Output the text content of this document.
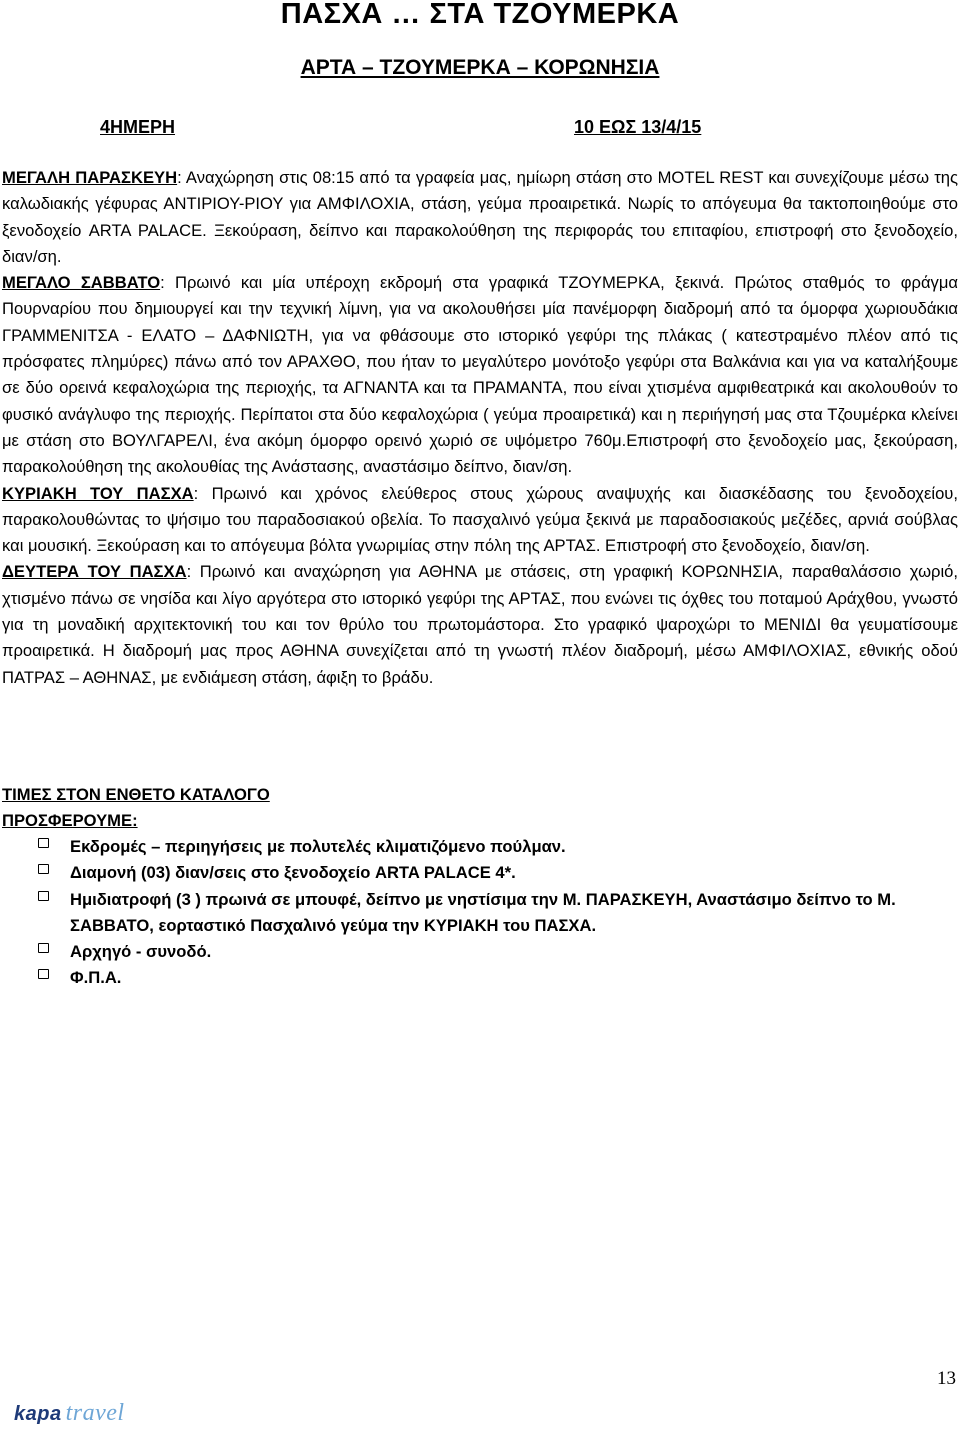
ΠΑΣΧΑ … ΣΤΑ ΤΖΟΥΜΕΡΚΑ
ΑΡΤΑ – ΤΖΟΥΜΕΡΚΑ – ΚΟΡΩΝΗΣΙΑ
4ΗΜΕΡΗ	10 ΕΩΣ 13/4/15

ΜΕΓΑΛΗ ΠΑΡΑΣΚΕΥΗ: Αναχώρηση στις 08:15 από τα γραφεία μας, ημίωρη στάση στο MOTEL REST και συνεχίζουμε μέσω της καλωδιακής γέφυρας ΑΝΤΙΡΙΟΥ-ΡΙΟΥ για ΑΜΦΙΛΟΧΙΑ, στάση, γεύμα προαιρετικά. Νωρίς το απόγευμα θα τακτοποιηθούμε στο ξενοδοχείο ARTA PALACE. Ξεκούραση, δείπνο και παρακολούθηση της περιφοράς του επιταφίου, επιστροφή στο ξενοδοχείο, διαν/ση.

ΜΕΓΑΛΟ ΣΑΒΒΑΤΟ: Πρωινό και μία υπέροχη εκδρομή στα γραφικά ΤΖΟΥΜΕΡΚΑ, ξεκινά. Πρώτος σταθμός το φράγμα Πουρναρίου που δημιουργεί και την τεχνική λίμνη, για να ακολουθήσει μία πανέμορφη διαδρομή από τα όμορφα χωριουδάκια ΓΡΑΜΜΕΝΙΤΣΑ - ΕΛΑΤΟ – ΔΑΦΝΙΩΤΗ, για να φθάσουμε στο ιστορικό γεφύρι της πλάκας ( κατεστραμένο πλέον από τις πρόσφατες πλημύρες) πάνω από τον ΑΡΑΧΘΟ, που ήταν το μεγαλύτερο μονότοξο γεφύρι στα Βαλκάνια και για να καταλήξουμε σε δύο ορεινά κεφαλοχώρια της περιοχής, τα ΑΓΝΑΝΤΑ και τα ΠΡΑΜΑΝΤΑ, που είναι χτισμένα αμφιθεατρικά και ακολουθούν το φυσικό ανάγλυφο της περιοχής. Περίπατοι στα δύο κεφαλοχώρια ( γεύμα προαιρετικά) και η περιήγησή μας στα Τζουμέρκα κλείνει με στάση στο ΒΟΥΛΓΑΡΕΛΙ, ένα ακόμη όμορφο ορεινό χωριό σε υψόμετρο 760μ.Επιστροφή στο ξενοδοχείο μας, ξεκούραση, παρακολούθηση της ακολουθίας της Ανάστασης, αναστάσιμο δείπνο, διαν/ση.

ΚΥΡΙΑΚΗ ΤΟΥ ΠΑΣΧΑ: Πρωινό και χρόνος ελεύθερος στους χώρους αναψυχής και διασκέδασης του ξενοδοχείου, παρακολουθώντας το ψήσιμο του παραδοσιακού οβελία. Το πασχαλινό γεύμα ξεκινά με παραδοσιακούς μεζέδες, αρνιά σούβλας και μουσική. Ξεκούραση και το απόγευμα βόλτα γνωριμίας στην πόλη της ΑΡΤΑΣ. Επιστροφή στο ξενοδοχείο, διαν/ση.

ΔΕΥΤΕΡΑ ΤΟΥ ΠΑΣΧΑ: Πρωινό και αναχώρηση για ΑΘΗΝΑ με στάσεις, στη γραφική ΚΟΡΩΝΗΣΙΑ, παραθαλάσσιο χωριό, χτισμένο πάνω σε νησίδα και λίγο αργότερα στο ιστορικό γεφύρι της ΑΡΤΑΣ, που ενώνει τις όχθες του ποταμού Αράχθου, γνωστό για τη μοναδική αρχιτεκτονική του και τον θρύλο του πρωτομάστορα. Στο γραφικό ψαροχώρι το ΜΕΝΙΔΙ θα γευματίσουμε προαιρετικά. Η διαδρομή μας προς ΑΘΗΝΑ συνεχίζεται από τη γνωστή πλέον διαδρομή, μέσω ΑΜΦΙΛΟΧΙΑΣ, εθνικής οδού ΠΑΤΡΑΣ – ΑΘΗΝΑΣ, με ενδιάμεση στάση, άφιξη το βράδυ.

ΤΙΜΕΣ ΣΤΟΝ ΕΝΘΕΤΟ ΚΑΤΑΛΟΓΟ
ΠΡΟΣΦΕΡΟΥΜΕ:
Εκδρομές – περιηγήσεις με πολυτελές κλιματιζόμενο πούλμαν.
Διαμονή (03) διαν/σεις στο ξενοδοχείο ARTA PALACE 4*.
Ημιδιατροφή (3 ) πρωινά σε μπουφέ, δείπνο με νηστίσιμα την Μ. ΠΑΡΑΣΚΕΥΗ, Αναστάσιμο δείπνο το Μ. ΣΑΒΒΑΤΟ, εορταστικό Πασχαλινό γεύμα την ΚΥΡΙΑΚΗ του ΠΑΣΧΑ.
Αρχηγό - συνοδό.
Φ.Π.Α.
13
kapa travel
